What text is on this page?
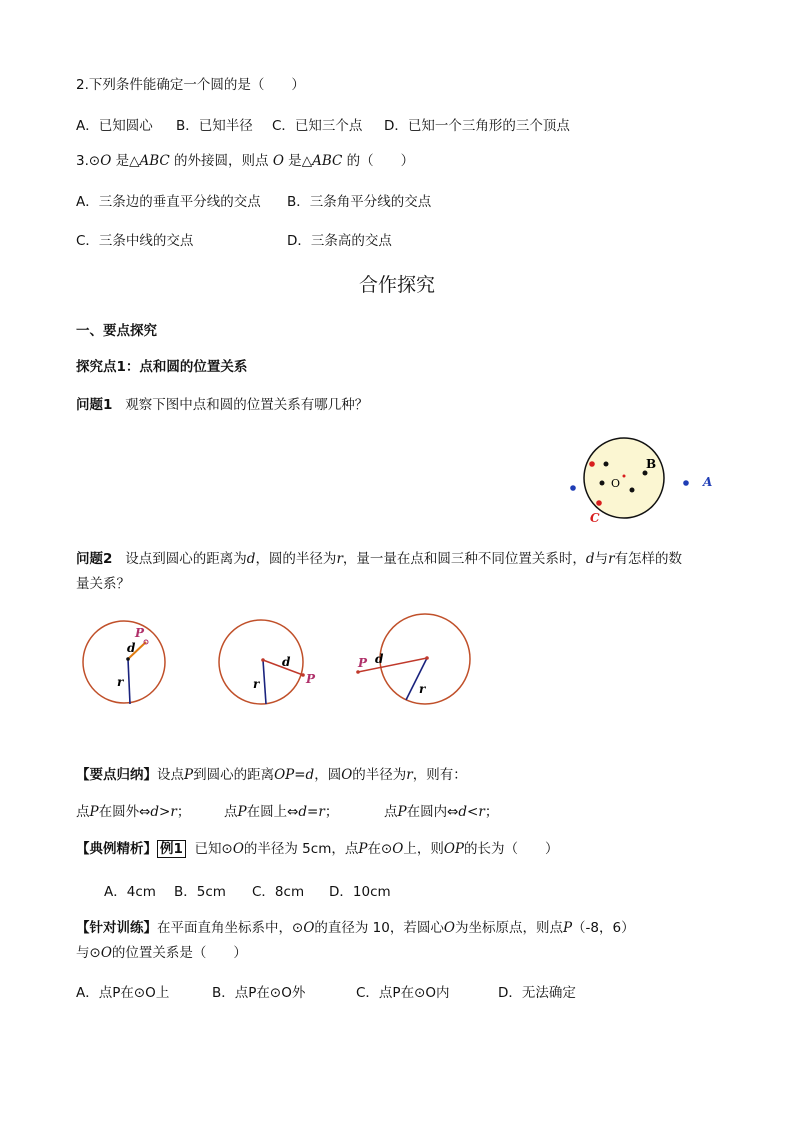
2.下列条件能确定一个圆的是（　　）
A．已知圆心 B．已知半径 C．已知三个点 D．已知一个三角形的三个顶点
3.⊙O 是△ABC 的外接圆，则点 O 是△ABC 的（　　）
A．三条边的垂直平分线的交点 B．三条角平分线的交点
C．三条中线的交点	D．三条高的交点
合作探究
一、要点探究
探究点1：点和圆的位置关系
问题1 观察下图中点和圆的位置关系有哪几种？
O
B
C
A
问题2 设点到圆心的距离为d，圆的半径为r，量一量在点和圆三种不同位置关系时，d与r有怎样的数
量关系？
P
d
r	P
d
r
P d
r
【要点归纳】设点P到圆心的距离OP=d，圆O的半径为r，则有：
点P在圆外⇔d>r； 点P在圆上⇔d=r；	点P在圆内⇔d<r；
【典例精析】 例1 已知⊙O的半径为 5cm，点P在⊙O上，则OP的长为（　　）
A．4cm B．5cm C．8cm D．10cm
【针对训练】在平面直角坐标系中，⊙O的直径为 10，若圆心O为坐标原点，则点P（-8，6）
与⊙O的位置关系是（　　）
A．点P在⊙O上	B．点P在⊙O外	C．点P在⊙O内	D．无法确定
